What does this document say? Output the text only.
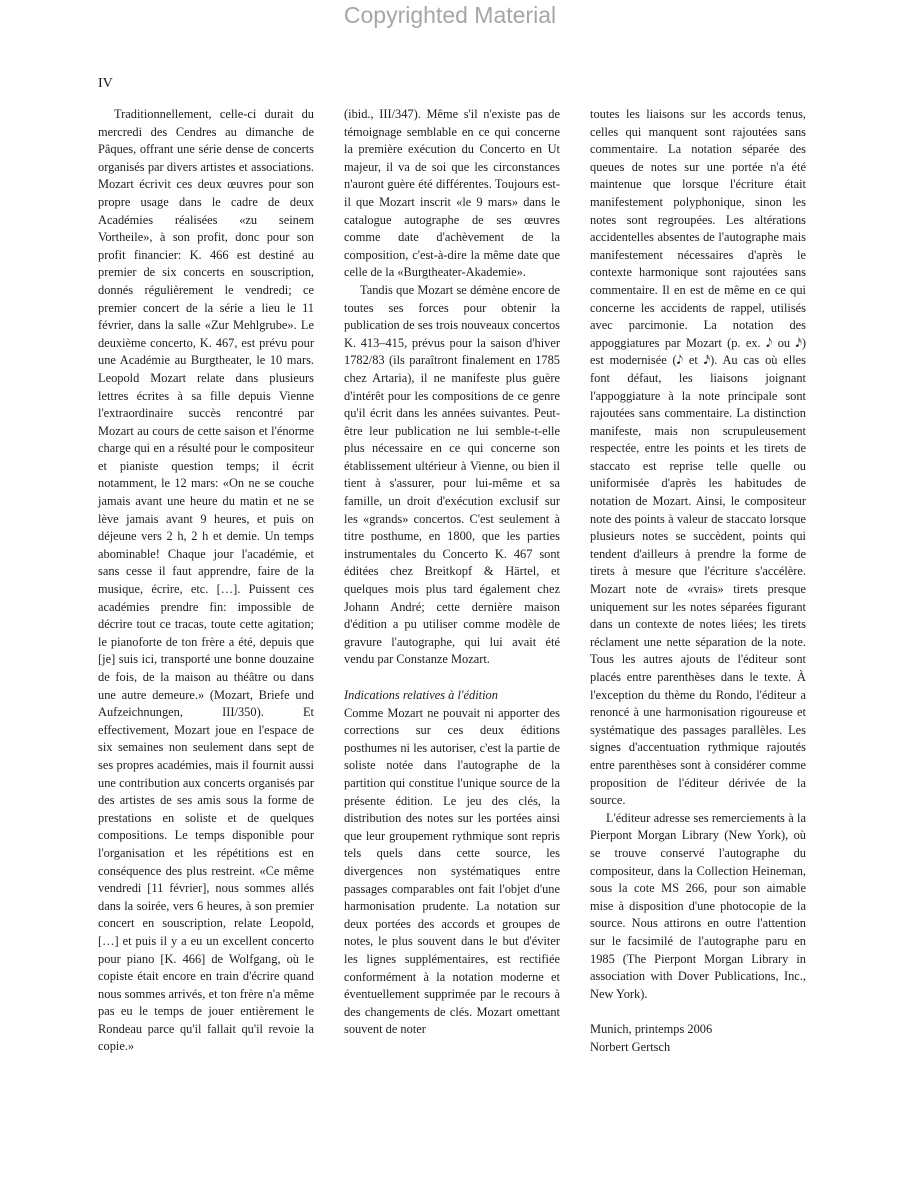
Copyrighted Material
IV

Traditionnellement, celle-ci durait du mercredi des Cendres au dimanche de Pâques, offrant une série dense de concerts organisés par divers artistes et associations. Mozart écrivit ces deux œuvres pour son propre usage dans le cadre de deux Académies réalisées «zu seinem Vortheile», à son profit, donc pour son profit financier: K. 466 est destiné au premier de six concerts en souscription, donnés régulièrement le vendredi; ce premier concert de la série a lieu le 11 février, dans la salle «Zur Mehlgrube». Le deuxième concerto, K. 467, est prévu pour une Académie au Burgtheater, le 10 mars. Leopold Mozart relate dans plusieurs lettres écrites à sa fille depuis Vienne l'extraordinaire succès rencontré par Mozart au cours de cette saison et l'énorme charge qui en a résulté pour le compositeur et pianiste question temps; il écrit notamment, le 12 mars: «On ne se couche jamais avant une heure du matin et ne se lève jamais avant 9 heures, et puis on déjeune vers 2 h, 2 h et demie. Un temps abominable! Chaque jour l'académie, et sans cesse il faut apprendre, faire de la musique, écrire, etc. […]. Puissent ces académies prendre fin: impossible de décrire tout ce tracas, toute cette agitation; le pianoforte de ton frère a été, depuis que [je] suis ici, transporté une bonne douzaine de fois, de la maison au théâtre ou dans une autre demeure.» (Mozart, Briefe und Aufzeichnungen, III/350). Et effectivement, Mozart joue en l'espace de six semaines non seulement dans sept de ses propres académies, mais il fournit aussi une contribution aux concerts organisés par des artistes de ses amis sous la forme de prestations en soliste et de quelques compositions. Le temps disponible pour l'organisation et les répétitions est en conséquence des plus restreint. «Ce même vendredi [11 février], nous sommes allés dans la soirée, vers 6 heures, à son premier concert en souscription, relate Leopold, […] et puis il y a eu un excellent concerto pour piano [K. 466] de Wolfgang, où le copiste était encore en train d'écrire quand nous sommes arrivés, et ton frère n'a même pas eu le temps de jouer entièrement le Rondeau parce qu'il fallait qu'il revoie la copie.»

(ibid., III/347). Même s'il n'existe pas de témoignage semblable en ce qui concerne la première exécution du Concerto en Ut majeur, il va de soi que les circonstances n'auront guère été différentes. Toujours est-il que Mozart inscrit «le 9 mars» dans le catalogue autographe de ses œuvres comme date d'achèvement de la composition, c'est-à-dire la même date que celle de la «Burgtheater-Akademie».

Tandis que Mozart se démène encore de toutes ses forces pour obtenir la publication de ses trois nouveaux concertos K. 413–415, prévus pour la saison d'hiver 1782/83 (ils paraîtront finalement en 1785 chez Artaria), il ne manifeste plus guère d'intérêt pour les compositions de ce genre qu'il écrit dans les années suivantes. Peut-être leur publication ne lui semble-t-elle plus nécessaire en ce qui concerne son établissement ultérieur à Vienne, ou bien il tient à s'assurer, pour lui-même et sa famille, un droit d'exécution exclusif sur les «grands» concertos. C'est seulement à titre posthume, en 1800, que les parties instrumentales du Concerto K. 467 sont éditées chez Breitkopf & Härtel, et quelques mois plus tard également chez Johann André; cette dernière maison d'édition a pu utiliser comme modèle de gravure l'autographe, qui lui avait été vendu par Constanze Mozart.

Indications relatives à l'édition

Comme Mozart ne pouvait ni apporter des corrections sur ces deux éditions posthumes ni les autoriser, c'est la partie de soliste notée dans l'autographe de la partition qui constitue l'unique source de la présente édition. Le jeu des clés, la distribution des notes sur les portées ainsi que leur groupement rythmique sont repris tels quels dans cette source, les divergences non systématiques entre passages comparables ont fait l'objet d'une harmonisation prudente. La notation sur deux portées des accords et groupes de notes, le plus souvent dans le but d'éviter les lignes supplémentaires, est rectifiée conformément à la notation moderne et éventuellement supprimée par le recours à des changements de clés. Mozart omettant souvent de noter

toutes les liaisons sur les accords tenus, celles qui manquent sont rajoutées sans commentaire. La notation séparée des queues de notes sur une portée n'a été maintenue que lorsque l'écriture était manifestement polyphonique, sinon les notes sont regroupées. Les altérations accidentelles absentes de l'autographe mais manifestement nécessaires d'après le contexte harmonique sont rajoutées sans commentaire. Il en est de même en ce qui concerne les accidents de rappel, utilisés avec parcimonie. La notation des appoggiatures par Mozart (p. ex. 𝅘𝅥𝅮 ou 𝅘𝅥𝅯) est modernisée (𝅘𝅥𝅮 et 𝅘𝅥𝅯). Au cas où elles font défaut, les liaisons joignant l'appoggiature à la note principale sont rajoutées sans commentaire. La distinction manifeste, mais non scrupuleusement respectée, entre les points et les tirets de staccato est reprise telle quelle ou uniformisée d'après les habitudes de notation de Mozart. Ainsi, le compositeur note des points à valeur de staccato lorsque plusieurs notes se succèdent, points qui tendent d'ailleurs à prendre la forme de tirets à mesure que l'écriture s'accélère. Mozart note de «vrais» tirets presque uniquement sur les notes séparées figurant dans un contexte de notes liées; les tirets réclament une nette séparation de la note. Tous les autres ajouts de l'éditeur sont placés entre parenthèses dans le texte. À l'exception du thème du Rondo, l'éditeur a renoncé à une harmonisation rigoureuse et systématique des passages parallèles. Les signes d'accentuation rythmique rajoutés entre parenthèses sont à considérer comme proposition de l'éditeur dérivée de la source.

L'éditeur adresse ses remerciements à la Pierpont Morgan Library (New York), où se trouve conservé l'autographe du compositeur, dans la Collection Heineman, sous la cote MS 266, pour son aimable mise à disposition d'une photocopie de la source. Nous attirons en outre l'attention sur le facsimilé de l'autographe paru en 1985 (The Pierpont Morgan Library in association with Dover Publications, Inc., New York).

Munich, printemps 2006

Norbert Gertsch
